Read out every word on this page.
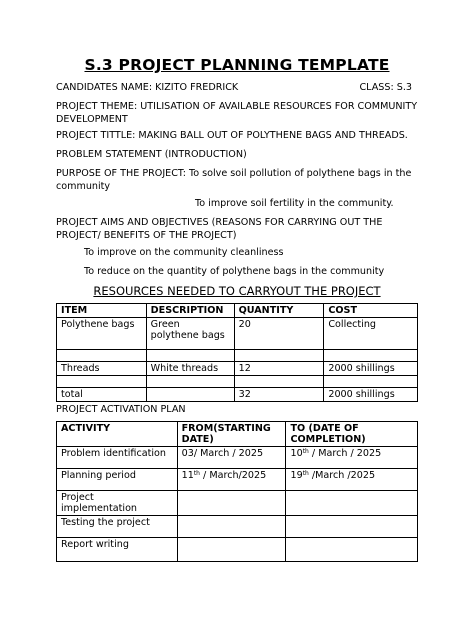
S.3 PROJECT PLANNING TEMPLATE
CANDIDATES NAME: KIZITO FREDRICK	CLASS: S.3
PROJECT THEME: UTILISATION OF AVAILABLE RESOURCES FOR COMMUNITY DEVELOPMENT
PROJECT TITTLE: MAKING BALL OUT OF POLYTHENE BAGS AND THREADS.
PROBLEM STATEMENT (INTRODUCTION)
PURPOSE OF THE PROJECT: To solve soil pollution of polythene bags in the community
To improve soil fertility in the community.
PROJECT AIMS AND OBJECTIVES (REASONS FOR CARRYING OUT THE PROJECT/ BENEFITS OF THE PROJECT)
To improve on the community cleanliness
To reduce on the quantity of polythene bags in the community
RESOURCES NEEDED TO CARRYOUT THE PROJECT
ITEM	DESCRIPTION	QUANTITY	COST
Polythene bags	Green polythene bags	20	Collecting

Threads	White threads	12	2000 shillings

total		32	2000 shillings
PROJECT ACTIVATION PLAN
ACTIVITY	FROM(STARTING DATE)	TO (DATE OF COMPLETION)
Problem identification	03/ March / 2025	10th / March / 2025
Planning period	11th / March/2025	19th /March /2025
Project implementation		
Testing the project		
Report writing		
